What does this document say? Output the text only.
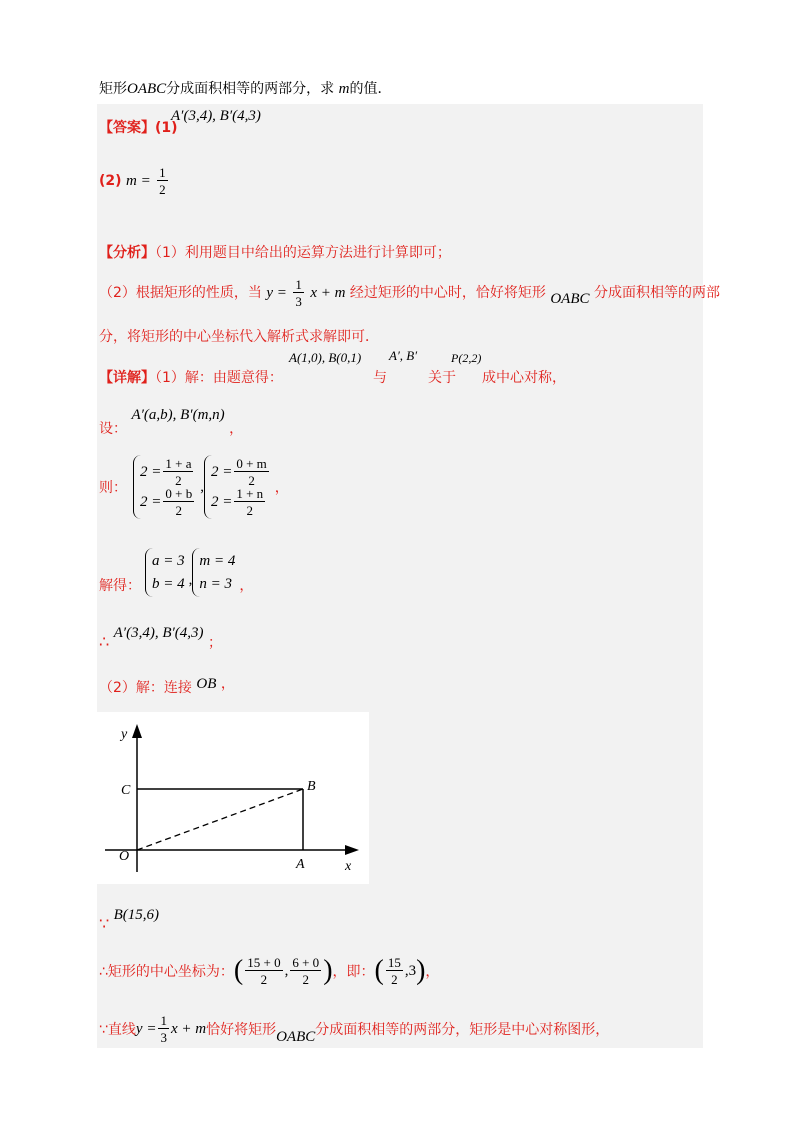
矩形OABC分成面积相等的两部分，求 m的值．
【答案】(1)
A′(3,4), B′(4,3)
(2) $m = \frac{1}{2}$
【分析】（1）利用题目中给出的运算方法进行计算即可；
（2）根据矩形的性质，当 $y = \frac{1}{3}$ x + m 经过矩形的中心时，恰好将矩形 OABC 分成面积相等的两部
分，将矩形的中心坐标代入解析式求解即可．
【详解】（1）解：由题意得：
A(1,0), B(0,1)
与
A′, B′
关于
P(2,2)
成中心对称，
设： A′(a,b), B′(m,n) ，
则：
$2 = \frac{1 + a}{2}$
$2 = \frac{0 + b}{2}$
,
$2 = \frac{0 + m}{2}$
$2 = \frac{1 + n}{2}$ ，
解得：
a = 3
b = 4 ,
m = 4
n = 3 ，
∴ A′(3,4), B′(4,3) ；
（2）解：连接 OB ，
y
x
O
A
B
C
∵ B(15,6)
∴矩形的中心坐标为： ( $\frac{15 + 0}{2}$ , $\frac{6 + 0}{2}$ ) ，即： ( $\frac{15}{2}$ , 3 ) ，
∵直线 $y = \frac{1}{3}$ x + m 恰好将矩形 OABC 分成面积相等的两部分，矩形是中心对称图形，
